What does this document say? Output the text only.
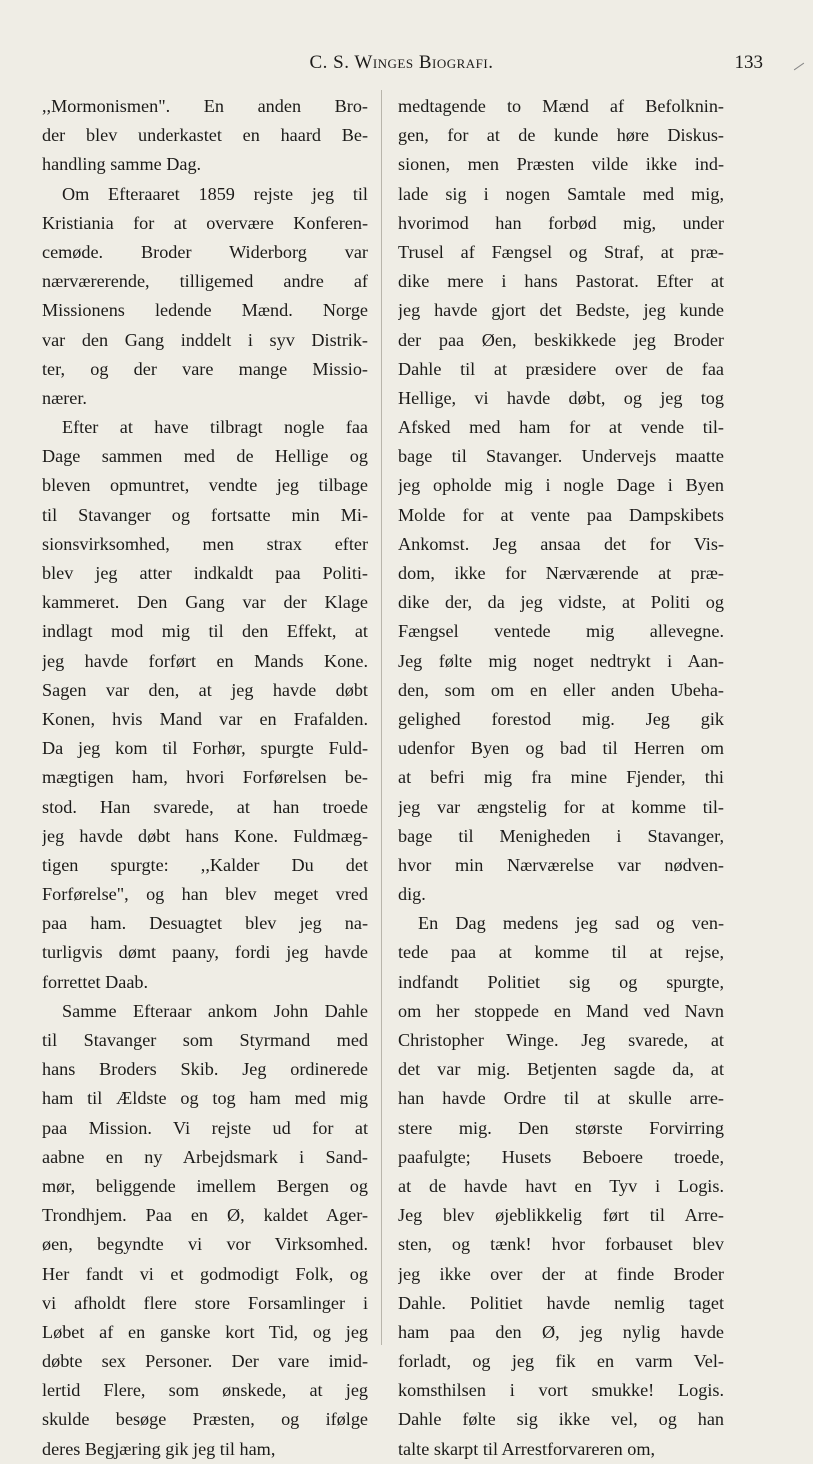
C. S. Winges Biografi.	133
,,Mormonismen". En anden Bro-
der blev underkastet en haard Be-
handling samme Dag.
Om Efteraaret 1859 rejste jeg til
Kristiania for at overvære Konferen-
cemøde. Broder Widerborg var
nærværerende, tilligemed andre af
Missionens ledende Mænd. Norge
var den Gang inddelt i syv Distrik-
ter, og der vare mange Missio-
nærer.
Efter at have tilbragt nogle faa
Dage sammen med de Hellige og
bleven opmuntret, vendte jeg tilbage
til Stavanger og fortsatte min Mi-
sionsvirksomhed, men strax efter
blev jeg atter indkaldt paa Politi-
kammeret. Den Gang var der Klage
indlagt mod mig til den Effekt, at
jeg havde forført en Mands Kone.
Sagen var den, at jeg havde døbt
Konen, hvis Mand var en Frafalden.
Da jeg kom til Forhør, spurgte Fuld-
mægtigen ham, hvori Forførelsen be-
stod. Han svarede, at han troede
jeg havde døbt hans Kone. Fuldmæg-
tigen spurgte: ,,Kalder Du det
Forførelse", og han blev meget vred
paa ham. Desuagtet blev jeg na-
turligvis dømt paany, fordi jeg havde
forrettet Daab.
Samme Efteraar ankom John Dahle
til Stavanger som Styrmand med
hans Broders Skib. Jeg ordinerede
ham til Ældste og tog ham med mig
paa Mission. Vi rejste ud for at
aabne en ny Arbejdsmark i Sand-
mør, beliggende imellem Bergen og
Trondhjem. Paa en Ø, kaldet Ager-
øen, begyndte vi vor Virksomhed.
Her fandt vi et godmodigt Folk, og
vi afholdt flere store Forsamlinger i
Løbet af en ganske kort Tid, og jeg
døbte sex Personer. Der vare imid-
lertid Flere, som ønskede, at jeg
skulde besøge Præsten, og ifølge
deres Begjæring gik jeg til ham,
medtagende to Mænd af Befolknin-
gen, for at de kunde høre Diskus-
sionen, men Præsten vilde ikke ind-
lade sig i nogen Samtale med mig,
hvorimod han forbød mig, under
Trusel af Fængsel og Straf, at præ-
dike mere i hans Pastorat. Efter at
jeg havde gjort det Bedste, jeg kunde
der paa Øen, beskikkede jeg Broder
Dahle til at præsidere over de faa
Hellige, vi havde døbt, og jeg tog
Afsked med ham for at vende til-
bage til Stavanger. Undervejs maatte
jeg opholde mig i nogle Dage i Byen
Molde for at vente paa Dampskibets
Ankomst. Jeg ansaa det for Vis-
dom, ikke for Nærværende at præ-
dike der, da jeg vidste, at Politi og
Fængsel ventede mig allevegne.
Jeg følte mig noget nedtrykt i Aan-
den, som om en eller anden Ubeha-
gelighed forestod mig. Jeg gik
udenfor Byen og bad til Herren om
at befri mig fra mine Fjender, thi
jeg var ængstelig for at komme til-
bage til Menigheden i Stavanger,
hvor min Nærværelse var nødven-
dig.
En Dag medens jeg sad og ven-
tede paa at komme til at rejse,
indfandt Politiet sig og spurgte,
om her stoppede en Mand ved Navn
Christopher Winge. Jeg svarede, at
det var mig. Betjenten sagde da, at
han havde Ordre til at skulle arre-
stere mig. Den største Forvirring
paafulgte; Husets Beboere troede,
at de havde havt en Tyv i Logis.
Jeg blev øjeblikkelig ført til Arre-
sten, og tænk! hvor forbauset blev
jeg ikke over der at finde Broder
Dahle. Politiet havde nemlig taget
ham paa den Ø, jeg nylig havde
forladt, og jeg fik en varm Vel-
komsthilsen i vort smukke! Logis.
Dahle følte sig ikke vel, og han
talte skarpt til Arrestforvareren om,
